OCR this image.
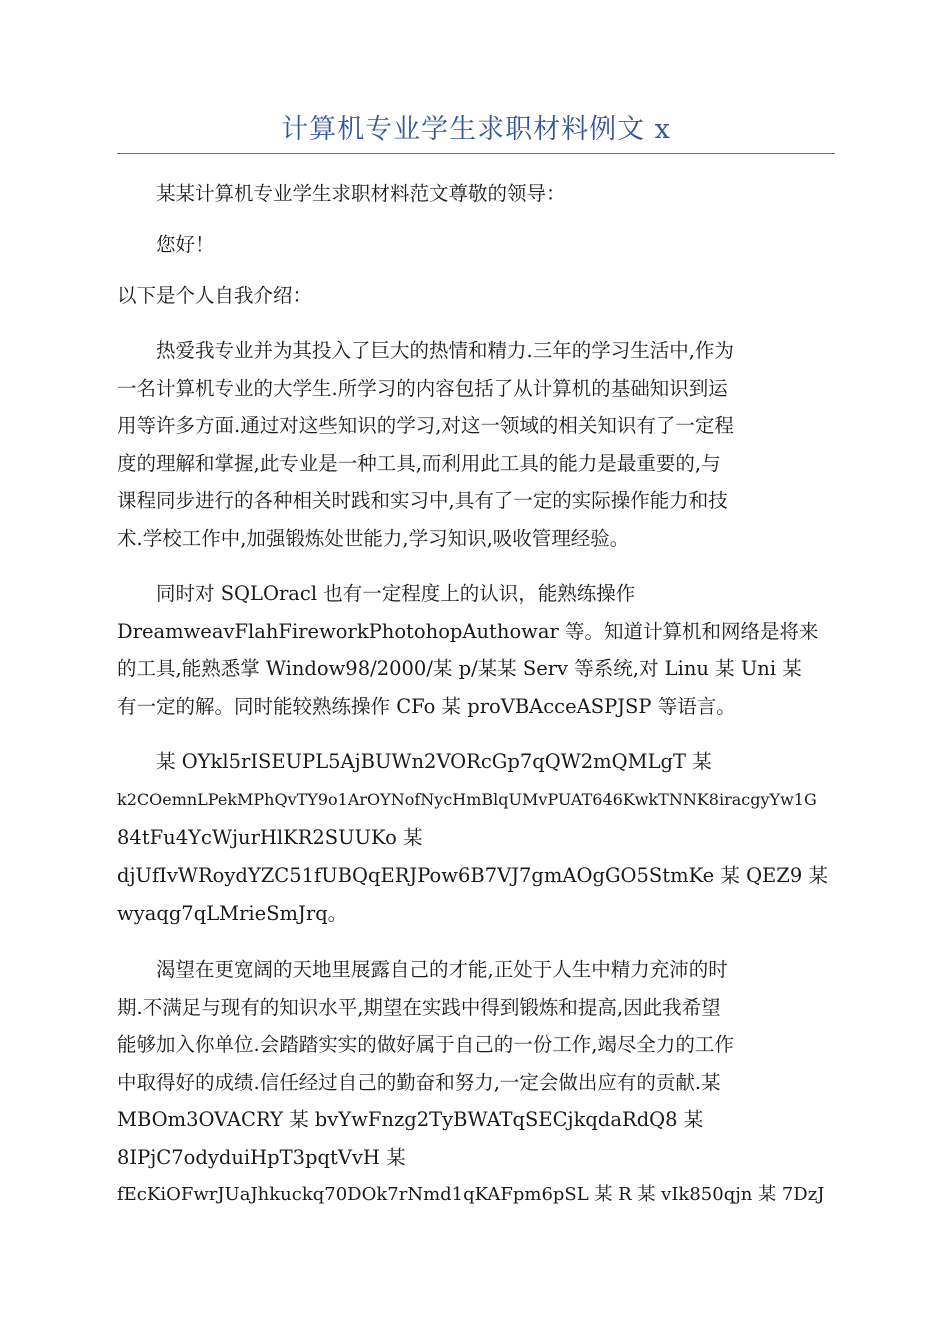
计算机专业学生求职材料例文 x

某某计算机专业学生求职材料范文尊敬的领导：

您好！

以下是个人自我介绍：

热爱我专业并为其投入了巨大的热情和精力.三年的学习生活中,作为
一名计算机专业的大学生.所学习的内容包括了从计算机的基础知识到运
用等许多方面.通过对这些知识的学习,对这一领域的相关知识有了一定程
度的理解和掌握,此专业是一种工具,而利用此工具的能力是最重要的,与
课程同步进行的各种相关时践和实习中,具有了一定的实际操作能力和技
术.学校工作中,加强锻炼处世能力,学习知识,吸收管理经验。
同时对 SQLOracl 也有一定程度上的认识，能熟练操作
DreamweavFlahFireworkPhotohopAuthowar 等。知道计算机和网络是将来
的工具,能熟悉掌 Window98/2000/某 p/某某 Serv 等系统,对 Linu 某 Uni 某
有一定的解。同时能较熟练操作 CFo 某 proVBAcceASPJSP 等语言。
某 OYkl5rISEUPL5AjBUWn2VORcGp7qQW2mQMLgT 某
k2COemnLPekMPhQvTY9o1ArOYNofNycHmBlqUMvPUAT646KwkTNNK8iracgyYw1G
84tFu4YcWjurHlKR2SUUKo 某
djUfIvWRoydYZC51fUBQqERJPow6B7VJ7gmAOgGO5StmKe 某 QEZ9 某
wyaqg7qLMrieSmJrq。
渴望在更宽阔的天地里展露自己的才能,正处于人生中精力充沛的时
期.不满足与现有的知识水平,期望在实践中得到锻炼和提高,因此我希望
能够加入你单位.会踏踏实实的做好属于自己的一份工作,竭尽全力的工作
中取得好的成绩.信任经过自己的勤奋和努力,一定会做出应有的贡献.某
MBOm3OVACRY 某 bvYwFnzg2TyBWATqSECjkqdaRdQ8 某
8IPjC7odyduiHpT3pqtVvH 某
fEcKiOFwrJUaJhkuckq70DOk7rNmd1qKAFpm6pSL 某 R 某 vIk850qjn 某 7DzJ
